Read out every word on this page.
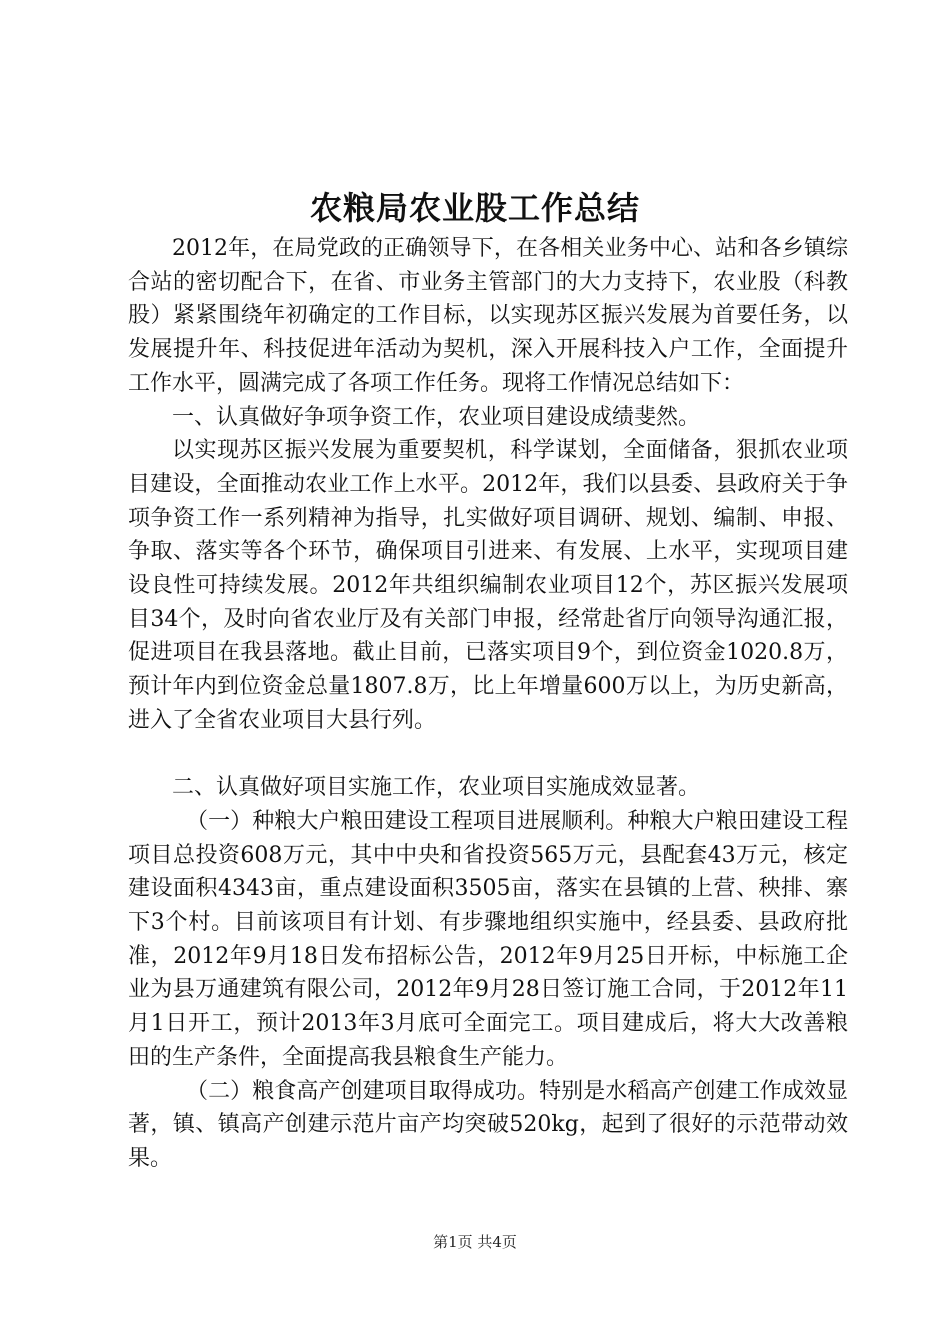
农粮局农业股工作总结

2012年，在局党政的正确领导下，在各相关业务中心、站和各乡镇综合站的密切配合下，在省、市业务主管部门的大力支持下，农业股（科教股）紧紧围绕年初确定的工作目标，以实现苏区振兴发展为首要任务，以发展提升年、科技促进年活动为契机，深入开展科技入户工作，全面提升工作水平，圆满完成了各项工作任务。现将工作情况总结如下：

一、认真做好争项争资工作，农业项目建设成绩斐然。

以实现苏区振兴发展为重要契机，科学谋划，全面储备，狠抓农业项目建设，全面推动农业工作上水平。2012年，我们以县委、县政府关于争项争资工作一系列精神为指导，扎实做好项目调研、规划、编制、申报、争取、落实等各个环节，确保项目引进来、有发展、上水平，实现项目建设良性可持续发展。2012年共组织编制农业项目12个，苏区振兴发展项目34个，及时向省农业厅及有关部门申报，经常赴省厅向领导沟通汇报，促进项目在我县落地。截止目前，已落实项目9个，到位资金1020.8万，预计年内到位资金总量1807.8万，比上年增量600万以上，为历史新高，进入了全省农业项目大县行列。

二、认真做好项目实施工作，农业项目实施成效显著。

（一）种粮大户粮田建设工程项目进展顺利。种粮大户粮田建设工程项目总投资608万元，其中中央和省投资565万元，县配套43万元，核定建设面积4343亩，重点建设面积3505亩，落实在县镇的上营、秧排、寨下3个村。目前该项目有计划、有步骤地组织实施中，经县委、县政府批准，2012年9月18日发布招标公告，2012年9月25日开标，中标施工企业为县万通建筑有限公司，2012年9月28日签订施工合同，于2012年11月1日开工，预计2013年3月底可全面完工。项目建成后，将大大改善粮田的生产条件，全面提高我县粮食生产能力。

（二）粮食高产创建项目取得成功。特别是水稻高产创建工作成效显著，镇、镇高产创建示范片亩产均突破520kg，起到了很好的示范带动效果。

第1页 共4页
